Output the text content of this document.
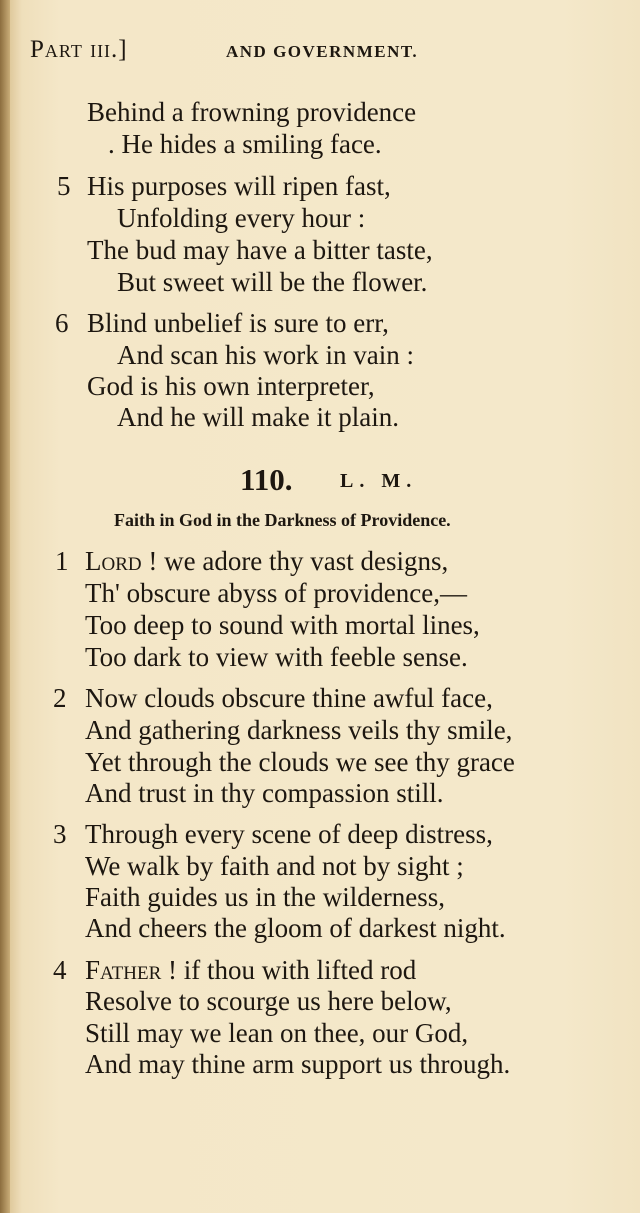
Part iii.]	AND GOVERNMENT.
Behind a frowning providence
. He hides a smiling face.
5 His purposes will ripen fast,
Unfolding every hour :
The bud may have a bitter taste,
But sweet will be the flower.
6 Blind unbelief is sure to err,
And scan his work in vain :
God is his own interpreter,
And he will make it plain.
110. L. M.
Faith in God in the Darkness of Providence.
1 Lord ! we adore thy vast designs,
Th' obscure abyss of providence,—
Too deep to sound with mortal lines,
Too dark to view with feeble sense.
2 Now clouds obscure thine awful face,
And gathering darkness veils thy smile,
Yet through the clouds we see thy grace
And trust in thy compassion still.
3 Through every scene of deep distress,
We walk by faith and not by sight ;
Faith guides us in the wilderness,
And cheers the gloom of darkest night.
4 Father ! if thou with lifted rod
Resolve to scourge us here below,
Still may we lean on thee, our God,
And may thine arm support us through.
